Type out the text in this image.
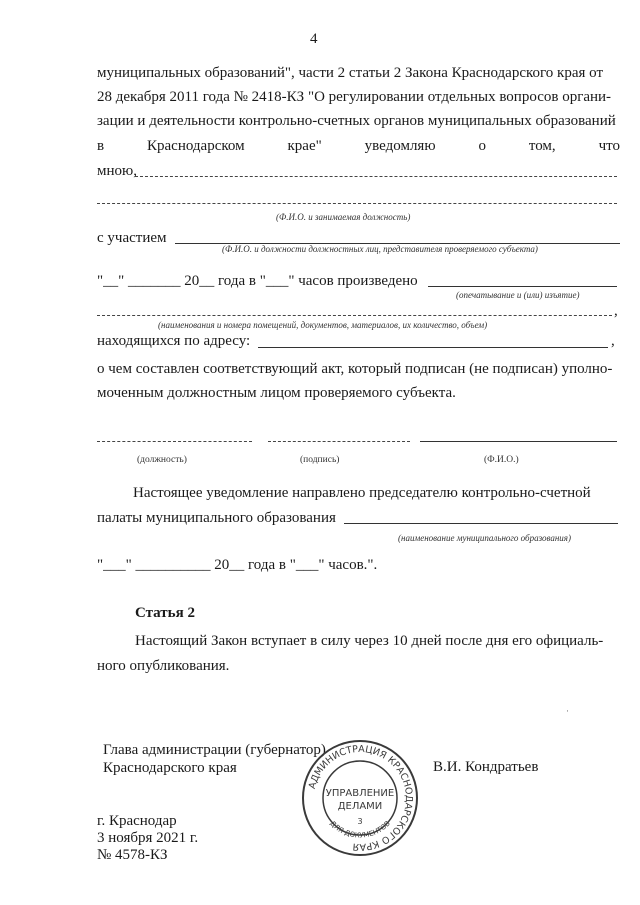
4
муниципальных образований", части 2 статьи 2 Закона Краснодарского края от
28 декабря 2011 года № 2418-КЗ "О регулировании отдельных вопросов органи-
зации и деятельности контрольно-счетных органов муниципальных образований
в	Краснодарском	крае"	уведомляю	о	том,	что
мною,
(Ф.И.О. и занимаемая должность)
с участием
(Ф.И.О. и должности должностных лиц, представителя проверяемого субъекта)
"__" _______ 20__ года в "___" часов произведено
(опечатывание и (или) изъятие)
,
(наименования и номера помещений, документов, материалов, их количество, объем)
находящихся по адресу:	,
о чем составлен соответствующий акт, который подписан (не подписан) уполно-
моченным должностным лицом проверяемого субъекта.
(должность)	(подпись)	(Ф.И.О.)
Настоящее уведомление направлено председателю контрольно-счетной
палаты муниципального образования
(наименование муниципального образования)
"___" __________ 20__ года в "___" часов.".
Статья 2
Настоящий Закон вступает в силу через 10 дней после дня его официаль-
ного опубликования.
·
Глава администрации (губернатор)
Краснодарского края	В.И. Кондратьев
г. Краснодар
3 ноября 2021 г.
№ 4578-КЗ
АДМИНИСТРАЦИЯ КРАСНОДАРСКОГО КРАЯ
УПРАВЛЕНИЕ
ДЕЛАМИ
3
ДЛЯ ДОКУМЕНТОВ
